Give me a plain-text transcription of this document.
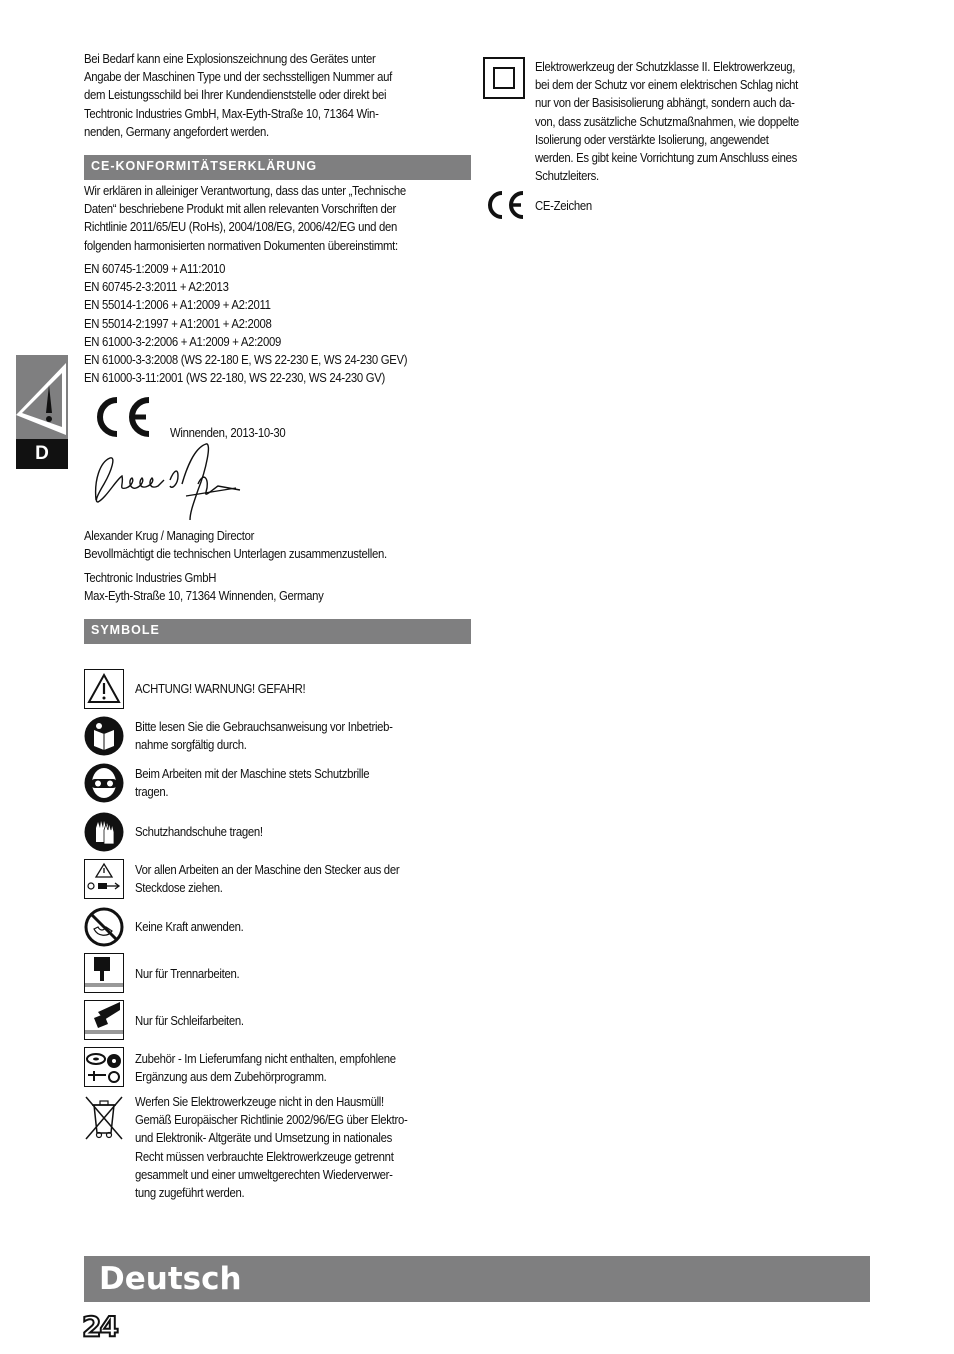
Bei Bedarf kann eine Explosionszeichnung des Gerätes unter
Angabe der Maschinen Type und der sechsstelligen Nummer auf
dem Leistungsschild bei Ihrer Kundendienststelle oder direkt bei
Techtronic Industries GmbH, Max-Eyth-Straße 10, 71364 Win-
nenden, Germany angefordert werden.
CE-KONFORMITÄTSERKLÄRUNG
Wir erklären in alleiniger Verantwortung, dass das unter „Technische
Daten“ beschriebene Produkt mit allen relevanten Vorschriften der
Richtlinie 2011/65/EU (RoHs), 2004/108/EG, 2006/42/EG und den
folgenden harmonisierten normativen Dokumenten übereinstimmt:
EN 60745-1:2009 + A11:2010
EN 60745-2-3:2011 + A2:2013
EN 55014-1:2006 + A1:2009 + A2:2011
EN 55014-2:1997 + A1:2001 + A2:2008
EN 61000-3-2:2006 + A1:2009 + A2:2009
EN 61000-3-3:2008 (WS 22-180 E, WS 22-230 E, WS 24-230 GEV)
EN 61000-3-11:2001 (WS 22-180, WS 22-230, WS 24-230 GV)
Winnenden, 2013-10-30
Alexander Krug / Managing Director
Bevollmächtigt die technischen Unterlagen zusammenzustellen.
Techtronic Industries GmbH
Max-Eyth-Straße 10, 71364 Winnenden, Germany
SYMBOLE
ACHTUNG! WARNUNG! GEFAHR!
Bitte lesen Sie die Gebrauchsanweisung vor Inbetrieb-
nahme sorgfältig durch.
Beim Arbeiten mit der Maschine stets Schutzbrille
tragen.
Schutzhandschuhe tragen!
Vor allen Arbeiten an der Maschine den Stecker aus der
Steckdose ziehen.
Keine Kraft anwenden.
Nur für Trennarbeiten.
Nur für Schleifarbeiten.
Zubehör - Im Lieferumfang nicht enthalten, empfohlene
Ergänzung aus dem Zubehörprogramm.
Werfen Sie Elektrowerkzeuge nicht in den Hausmüll!
Gemäß Europäischer Richtlinie 2002/96/EG über Elektro-
und Elektronik- Altgeräte und Umsetzung in nationales
Recht müssen verbrauchte Elektrowerkzeuge getrennt
gesammelt und einer umweltgerechten Wiederverwer-
tung zugeführt werden.
Elektrowerkzeug der Schutzklasse II. Elektrowerkzeug,
bei dem der Schutz vor einem elektrischen Schlag nicht
nur von der Basisisolierung abhängt, sondern auch da-
von, dass zusätzliche Schutzmaßnahmen, wie doppelte
Isolierung oder verstärkte Isolierung, angewendet
werden. Es gibt keine Vorrichtung zum Anschluss eines
Schutzleiters.
CE-Zeichen
D
Deutsch
24
